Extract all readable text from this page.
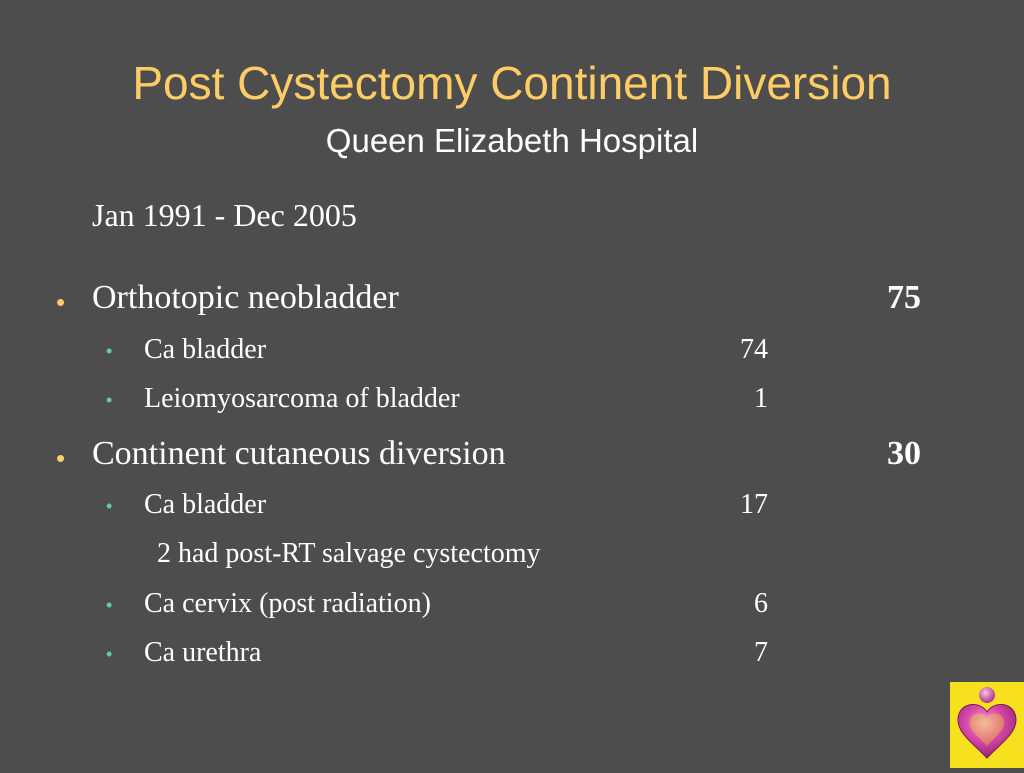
Post Cystectomy Continent Diversion
Queen Elizabeth Hospital
Jan 1991 - Dec 2005
• Orthotopic neobladder	75
• Ca bladder	74
• Leiomyosarcoma of bladder	1
• Continent cutaneous diversion	30
• Ca bladder	17
2 had post-RT salvage cystectomy
• Ca cervix (post radiation)	6
• Ca urethra	7
